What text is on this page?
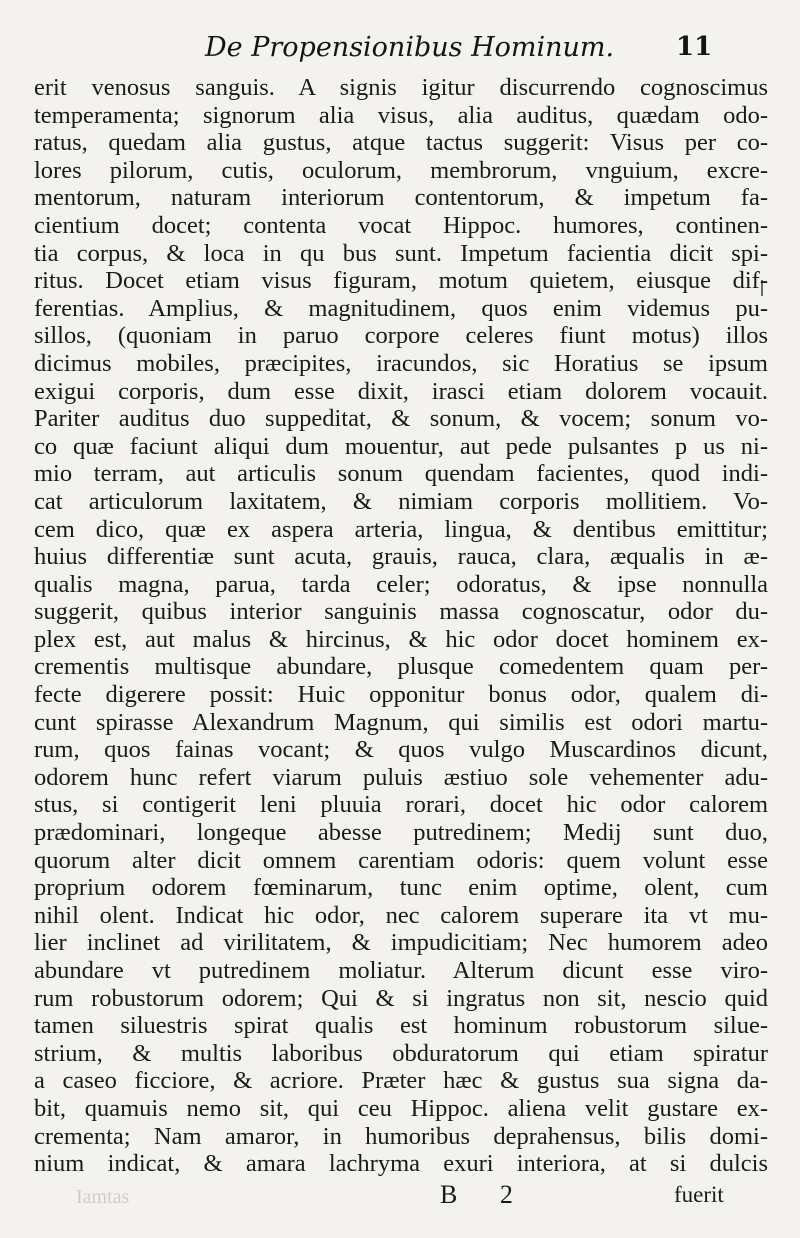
De Propensionibus Hominum. 11
erit venosus sanguis. A signis igitur discurrendo cognoscimus
temperamenta; signorum alia visus, alia auditus, quædam odo-
ratus, quedam alia gustus, atque tactus suggerit: Visus per co-
lores pilorum, cutis, oculorum, membrorum, vnguium, excre-
mentorum, naturam interiorum contentorum, & impetum fa-
cientium docet; contenta vocat Hippoc. humores, continen-
tia corpus, & loca in qu bus sunt. Impetum facientia dicit spi-
ritus. Docet etiam visus figuram, motum quietem, eiusque dif-
ferentias. Amplius, & magnitudinem, quos enim videmus pu-
sillos, (quoniam in paruo corpore celeres fiunt motus) illos
dicimus mobiles, præcipites, iracundos, sic Horatius se ipsum
exigui corporis, dum esse dixit, irasci etiam dolorem vocauit.
Pariter auditus duo suppeditat, & sonum, & vocem; sonum vo-
co quæ faciunt aliqui dum mouentur, aut pede pulsantes p us ni-
mio terram, aut articulis sonum quendam facientes, quod indi-
cat articulorum laxitatem, & nimiam corporis mollitiem. Vo-
cem dico, quæ ex aspera arteria, lingua, & dentibus emittitur;
huius differentiæ sunt acuta, grauis, rauca, clara, æqualis in æ-
qualis magna, parua, tarda celer; odoratus, & ipse nonnulla
suggerit, quibus interior sanguinis massa cognoscatur, odor du-
plex est, aut malus & hircinus, & hic odor docet hominem ex-
crementis multisque abundare, plusque comedentem quam per-
fecte digerere possit: Huic opponitur bonus odor, qualem di-
cunt spirasse Alexandrum Magnum, qui similis est odori martu-
rum, quos fainas vocant; & quos vulgo Muscardinos dicunt,
odorem hunc refert viarum puluis æstiuo sole vehementer adu-
stus, si contigerit leni pluuia rorari, docet hic odor calorem
prædominari, longeque abesse putredinem; Medij sunt duo,
quorum alter dicit omnem carentiam odoris: quem volunt esse
proprium odorem fœminarum, tunc enim optime, olent, cum
nihil olent. Indicat hic odor, nec calorem superare ita vt mu-
lier inclinet ad virilitatem, & impudicitiam; Nec humorem adeo
abundare vt putredinem moliatur. Alterum dicunt esse viro-
rum robustorum odorem; Qui & si ingratus non sit, nescio quid
tamen siluestris spirat qualis est hominum robustorum silue-
strium, & multis laboribus obduratorum qui etiam spiratur
a caseo ficciore, & acriore. Præter hæc & gustus sua signa da-
bit, quamuis nemo sit, qui ceu Hippoc. aliena velit gustare ex-
crementa; Nam amaror, in humoribus deprahensus, bilis domi-
nium indicat, & amara lachryma exuri interiora, at si dulcis
B 2	fuerit
Iamtas
